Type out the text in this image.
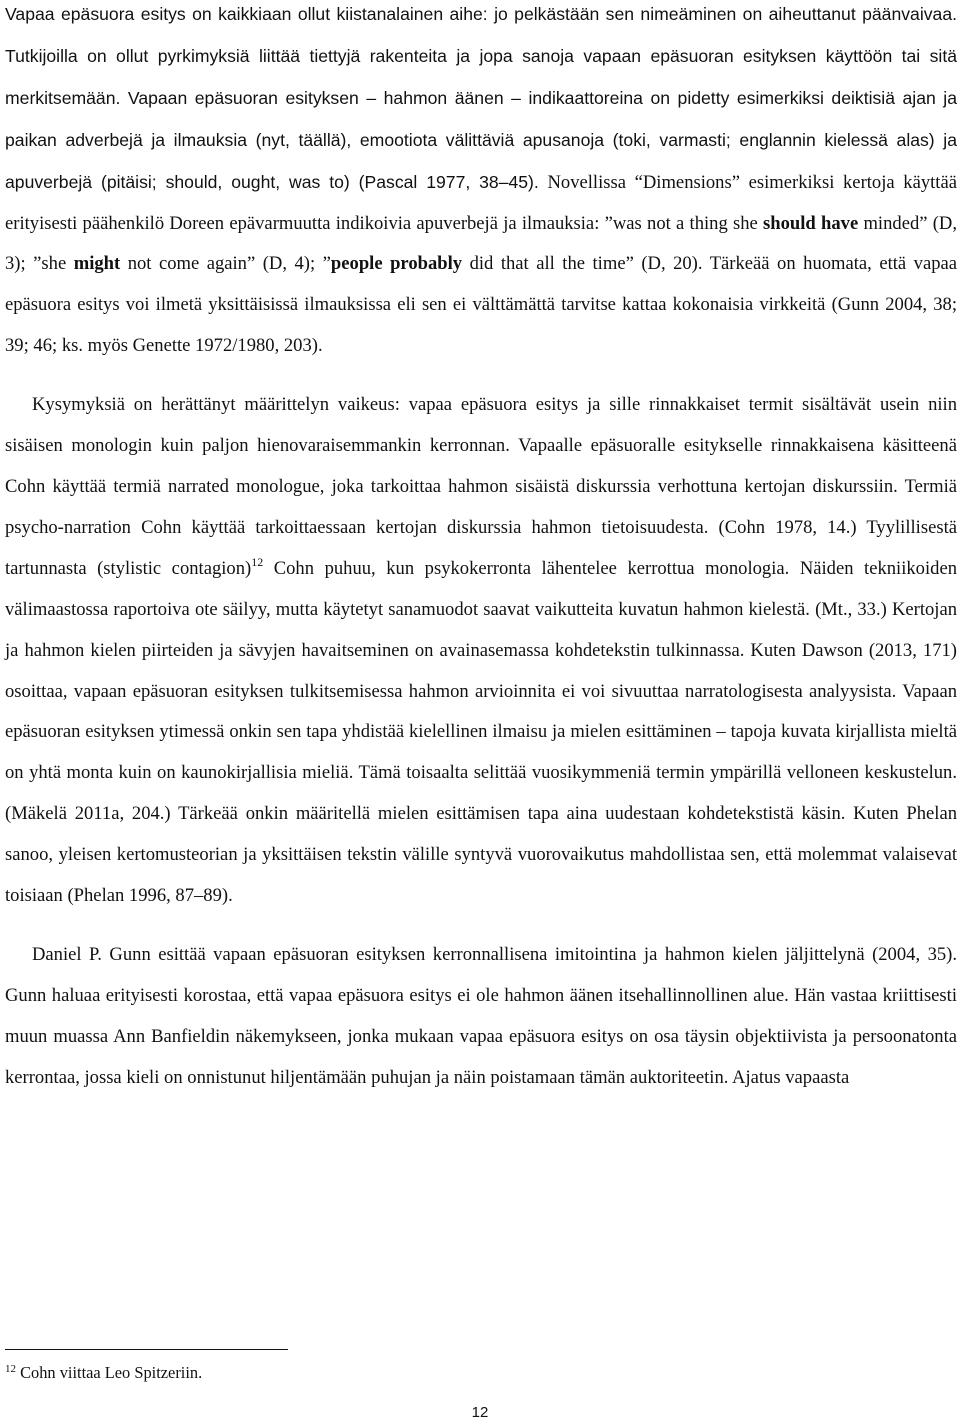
Vapaa epäsuora esitys on kaikkiaan ollut kiistanalainen aihe: jo pelkästään sen nimeäminen on aiheuttanut päänvaivaa. Tutkijoilla on ollut pyrkimyksiä liittää tiettyjä rakenteita ja jopa sanoja vapaan epäsuoran esityksen käyttöön tai sitä merkitsemään. Vapaan epäsuoran esityksen – hahmon äänen – indikaattoreina on pidetty esimerkiksi deiktisiä ajan ja paikan adverbejä ja ilmauksia (nyt, täällä), emootiota välittäviä apusanoja (toki, varmasti; englannin kielessä alas) ja apuverbejä (pitäisi; should, ought, was to) (Pascal 1977, 38–45). Novellissa “Dimensions” esimerkiksi kertoja käyttää erityisesti päähenkilö Doreen epävarmuutta indikoivia apuverbejä ja ilmauksia: ”was not a thing she should have minded” (D, 3); ”she might not come again” (D, 4); ”people probably did that all the time” (D, 20). Tärkeää on huomata, että vapaa epäsuora esitys voi ilmetä yksittäisissä ilmauksissa eli sen ei välttämättä tarvitse kattaa kokonaisia virkkeitä (Gunn 2004, 38; 39; 46; ks. myös Genette 1972/1980, 203).

Kysymyksiä on herättänyt määrittelyn vaikeus: vapaa epäsuora esitys ja sille rinnakkaiset termit sisältävät usein niin sisäisen monologin kuin paljon hienovaraisemmankin kerronnan. Vapaalle epäsuoralle esitykselle rinnakkaisena käsitteenä Cohn käyttää termiä narrated monologue, joka tarkoittaa hahmon sisäistä diskurssia verhottuna kertojan diskurssiin. Termiä psycho-narration Cohn käyttää tarkoittaessaan kertojan diskurssia hahmon tietoisuudesta. (Cohn 1978, 14.) Tyylillisestä tartunnasta (stylistic contagion)$^{12}$ Cohn puhuu, kun psykokerronta lähentelee kerrottua monologia. Näiden tekniikoiden välimaastossa raportoiva ote säilyy, mutta käytetyt sanamuodot saavat vaikutteita kuvatun hahmon kielestä. (Mt., 33.) Kertojan ja hahmon kielen piirteiden ja sävyjen havaitseminen on avainasemassa kohdetekstin tulkinnassa. Kuten Dawson (2013, 171) osoittaa, vapaan epäsuoran esityksen tulkitsemisessa hahmon arvioinnita ei voi sivuuttaa narratologisesta analyysista. Vapaan epäsuoran esityksen ytimessä onkin sen tapa yhdistää kielellinen ilmaisu ja mielen esittäminen – tapoja kuvata kirjallista mieltä on yhtä monta kuin on kaunokirjallisia mieliä. Tämä toisaalta selittää vuosikymmeniä termin ympärillä velloneen keskustelun. (Mäkelä 2011a, 204.) Tärkeää onkin määritellä mielen esittämisen tapa aina uudestaan kohdetekstistä käsin. Kuten Phelan sanoo, yleisen kertomusteorian ja yksittäisen tekstin välille syntyvä vuorovaikutus mahdollistaa sen, että molemmat valaisevat toisiaan (Phelan 1996, 87–89).

Daniel P. Gunn esittää vapaan epäsuoran esityksen kerronnallisena imitointina ja hahmon kielen jäljittelynä (2004, 35). Gunn haluaa erityisesti korostaa, että vapaa epäsuora esitys ei ole hahmon äänen itsehallinnollinen alue. Hän vastaa kriittisesti muun muassa Ann Banfieldin näkemykseen, jonka mukaan vapaa epäsuora esitys on osa täysin objektiivista ja persoonatonta kerrontaa, jossa kieli on onnistunut hiljentämään puhujan ja näin poistamaan tämän auktoriteetin. Ajatus vapaasta

$^{12}$ Cohn viittaa Leo Spitzeriin.
12
